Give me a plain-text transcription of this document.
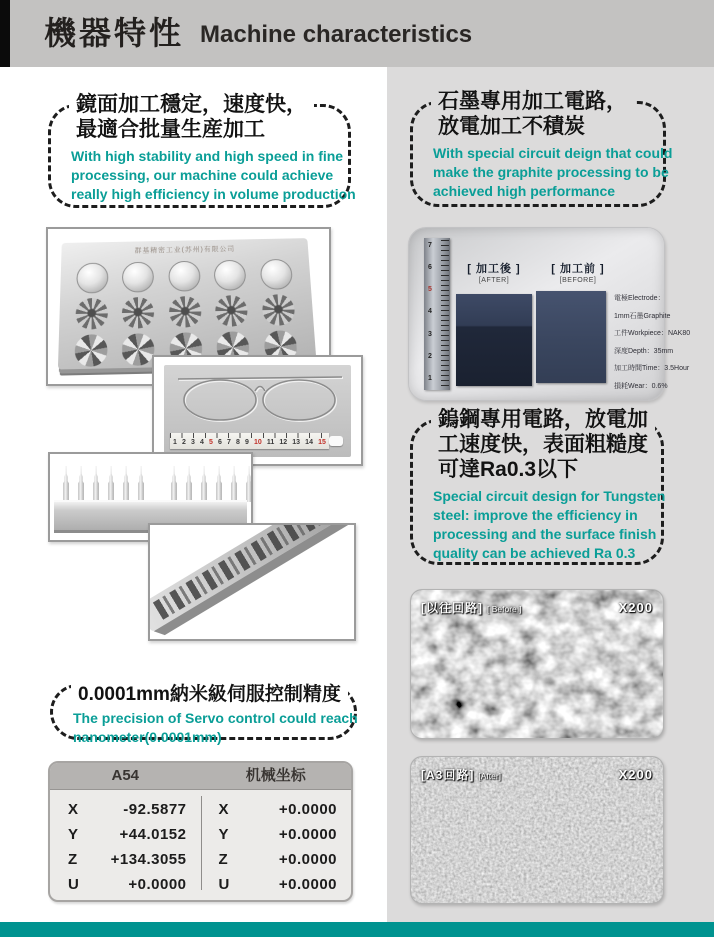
機器特性 Machine characteristics
鏡面加工穩定，速度快，
最適合批量生産加工
With high stability and high speed in fine
processing, our machine could achieve
really high efficiency in volume production
群基精密工业(苏州)有限公司
1 2 3 4 5 6 7 8 9 10 11 12 13 14 15
0.0001mm納米級伺服控制精度
The precision of Servo control could reach
nanometer(0.0001mm)
A54	机械坐标
X	-92.5877	X	+0.0000
Y	+44.0152	Y	+0.0000
Z	+134.3055	Z	+0.0000
U	+0.0000	U	+0.0000
石墨專用加工電路，
放電加工不積炭
With special circuit deign that could
make the graphite processing to be
achieved high performance
7
6
5
4
3
2
1
[ 加工後 ]
[AFTER]
[ 加工前 ]
[BEFORE]
電極Electrode：
1mm石墨Graphite
工件Workpiece：NAK80
深度Depth：35mm
加工時間Time：3.5Hour
損耗Wear：0.6%
鎢鋼專用電路，放電加
工速度快，表面粗糙度
可達Ra0.3以下
Special circuit design for Tungsten
steel: improve the efficiency in
processing and the surface finish
quality can be achieved Ra 0.3
[以往回路] [ Before ]	X200
[A3回路] [After]	X200
